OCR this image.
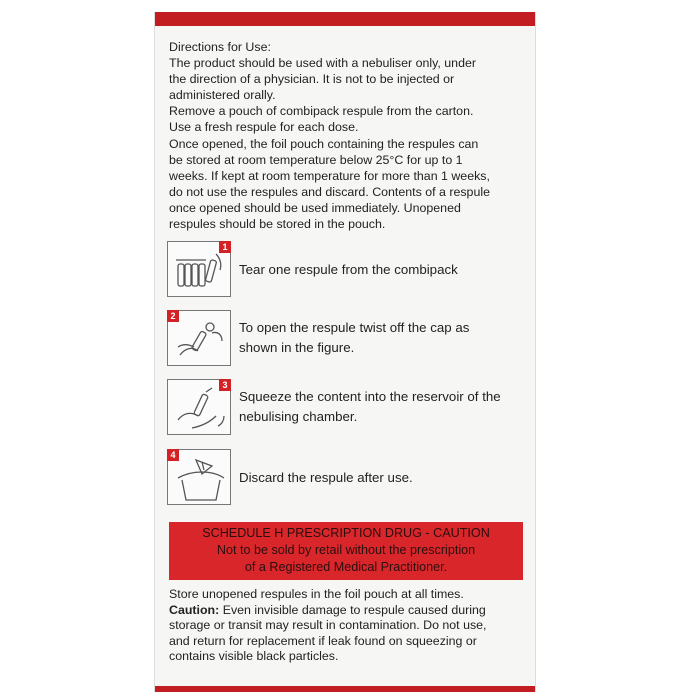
Directions for Use:

The product should be used with a nebuliser only, under

the direction of a physician. It is not to be injected or

administered orally.

Remove a pouch of combipack respule from the carton.

Use a fresh respule for each dose.

Once opened, the foil pouch containing the respules can

be stored at room temperature below 25°C for up to 1

weeks. If kept at room temperature for more than 1 weeks,

do not use the respules and discard. Contents of a respule

once opened should be used immediately. Unopened

respules should be stored in the pouch.

1
Tear one respule from the combipack
2
To open the respule twist off the cap as
shown in the figure.
3
Squeeze the content into the reservoir of the
nebulising chamber.
4
Discard the respule after use.

SCHEDULE H PRESCRIPTION DRUG - CAUTION

Not to be sold by retail without the prescription

of a Registered Medical Practitioner.

Store unopened respules in the foil pouch at all times.

Caution: Even invisible damage to respule caused during

storage or transit may result in contamination. Do not use,

and return for replacement if leak found on squeezing or

contains visible black particles.
